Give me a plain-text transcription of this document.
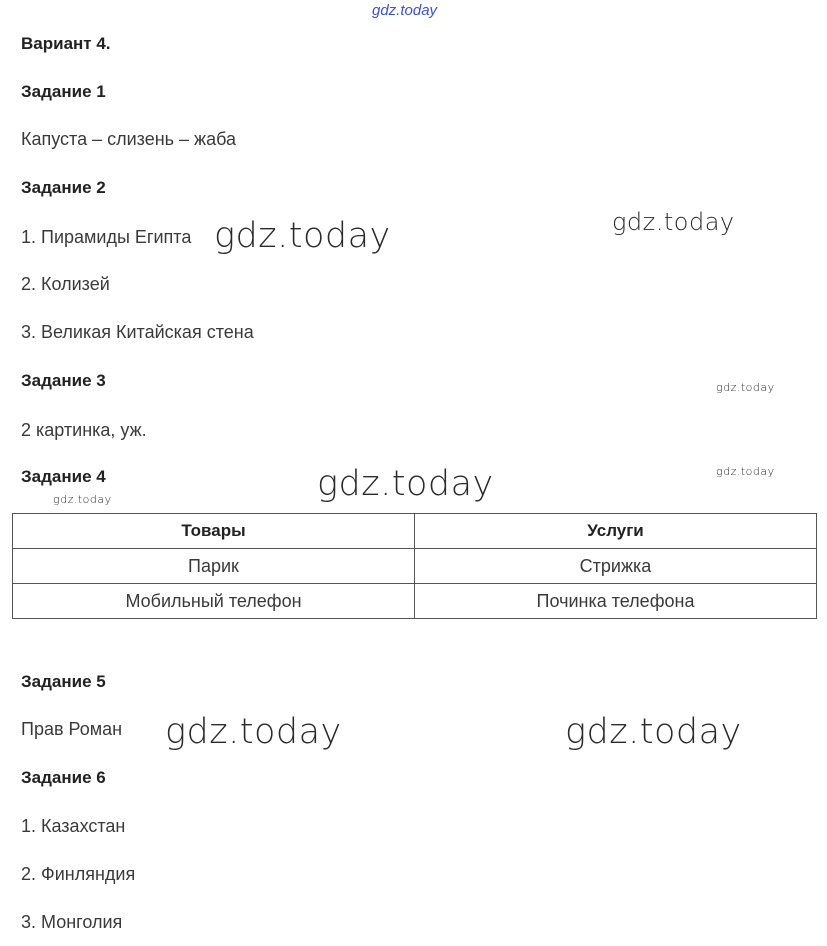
gdz.today
Вариант 4.
Задание 1
Капуста – слизень – жаба
Задание 2
1. Пирамиды Египта
2. Колизей
3. Великая Китайская стена
Задание 3
2 картинка, уж.
Задание 4
Товары	Услуги
Парик	Стрижка
Мобильный телефон	Починка телефона
Задание 5
Прав Роман
Задание 6
1. Казахстан
2. Финляндия
3. Монголия
gdz.today	gdz.today
gdz.today
gdz.today
gdz.today	gdz.today
gdz.today	gdz.today
